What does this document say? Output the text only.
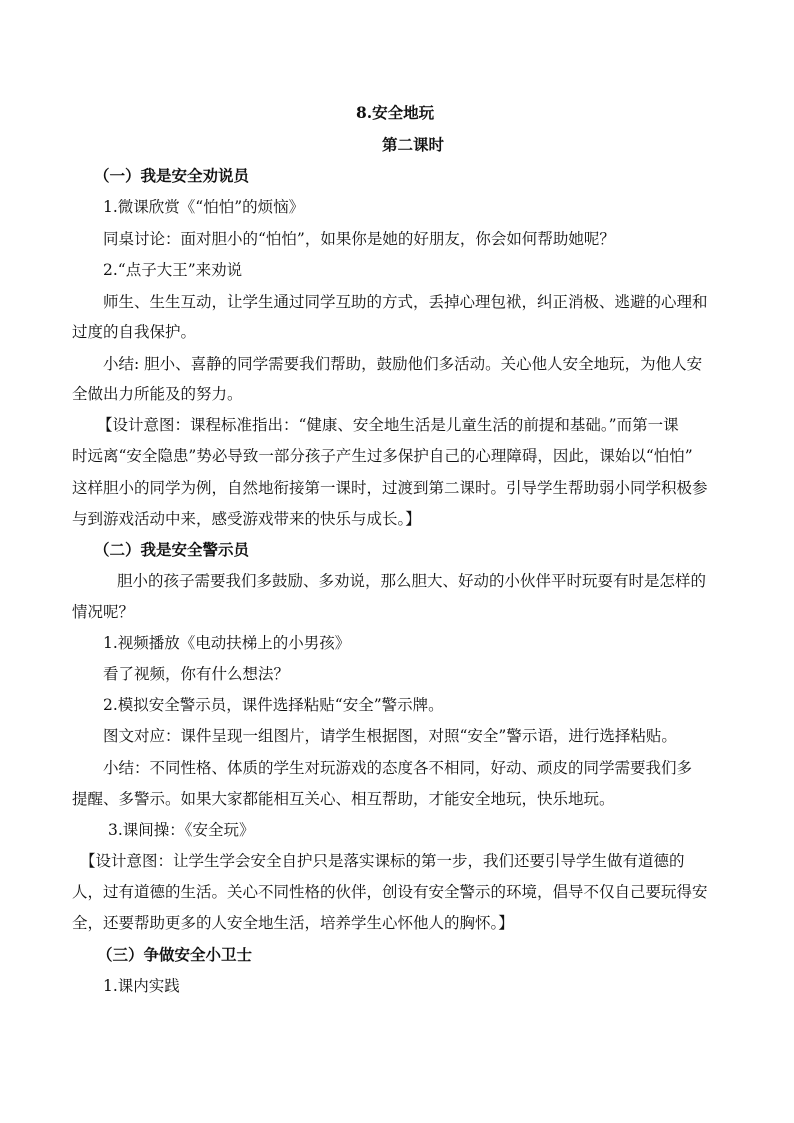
8.安全地玩
第二课时
（一）我是安全劝说员
1.微课欣赏《“怕怕”的烦恼》
同桌讨论：面对胆小的“怕怕”，如果你是她的好朋友，你会如何帮助她呢？
2.“点子大王”来劝说
师生、生生互动，让学生通过同学互助的方式，丢掉心理包袱，纠正消极、逃避的心理和
过度的自我保护。
小结: 胆小、喜静的同学需要我们帮助，鼓励他们多活动。关心他人安全地玩，为他人安
全做出力所能及的努力。
【设计意图：课程标准指出：“健康、安全地生活是儿童生活的前提和基础。”而第一课
时远离“安全隐患”势必导致一部分孩子产生过多保护自己的心理障碍，因此，课始以“怕怕”
这样胆小的同学为例，自然地衔接第一课时，过渡到第二课时。引导学生帮助弱小同学积极参
与到游戏活动中来，感受游戏带来的快乐与成长。】
（二）我是安全警示员
胆小的孩子需要我们多鼓励、多劝说，那么胆大、好动的小伙伴平时玩耍有时是怎样的
情况呢？
1.视频播放《电动扶梯上的小男孩》
看了视频，你有什么想法？
2.模拟安全警示员，课件选择粘贴“安全”警示牌。
图文对应：课件呈现一组图片，请学生根据图，对照“安全”警示语，进行选择粘贴。
小结：不同性格、体质的学生对玩游戏的态度各不相同，好动、顽皮的同学需要我们多
提醒、多警示。如果大家都能相互关心、相互帮助，才能安全地玩，快乐地玩。
3.课间操：《安全玩》
【设计意图：让学生学会安全自护只是落实课标的第一步，我们还要引导学生做有道德的
人，过有道德的生活。关心不同性格的伙伴，创设有安全警示的环境，倡导不仅自己要玩得安
全，还要帮助更多的人安全地生活，培养学生心怀他人的胸怀。】
（三）争做安全小卫士
1.课内实践
